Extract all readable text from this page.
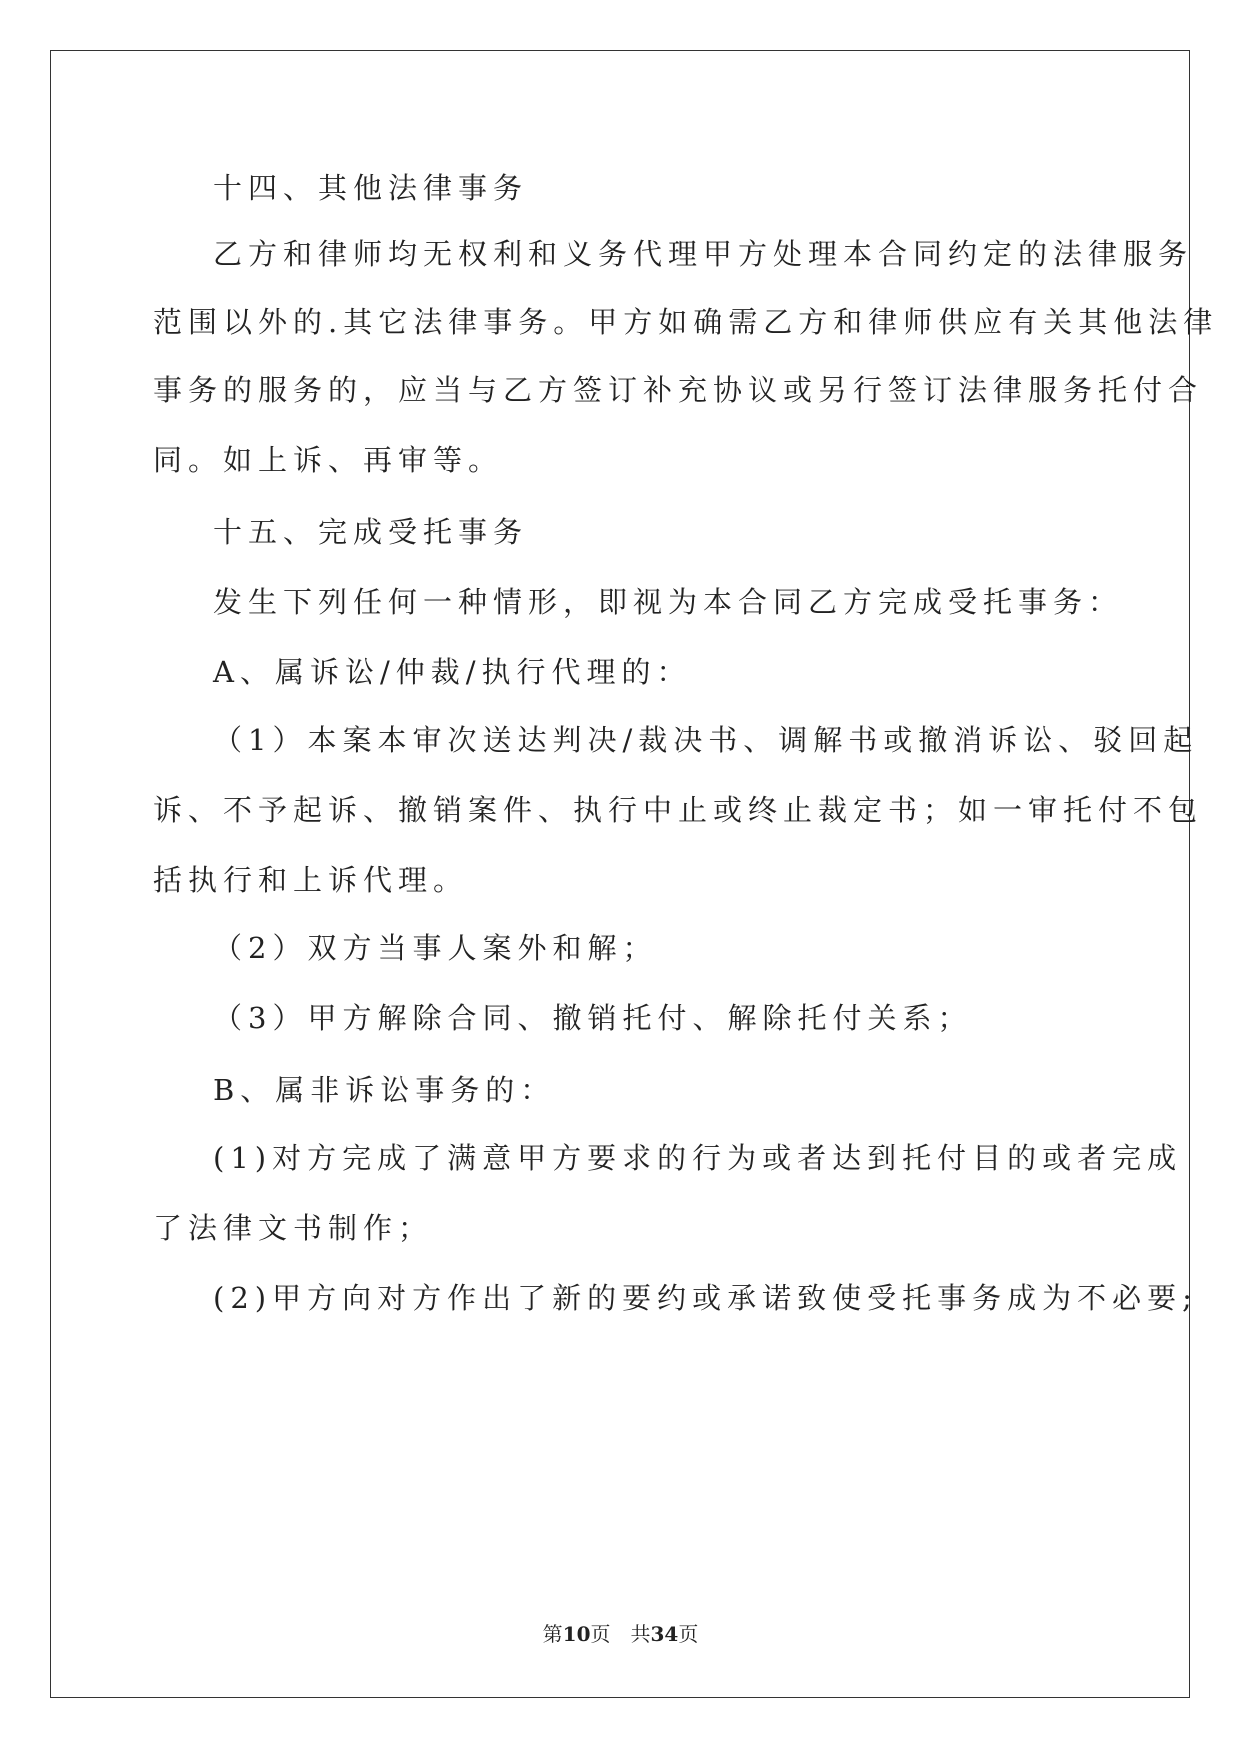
十四、其他法律事务
乙方和律师均无权利和义务代理甲方处理本合同约定的法律服务
范围以外的.其它法律事务。甲方如确需乙方和律师供应有关其他法律
事务的服务的，应当与乙方签订补充协议或另行签订法律服务托付合
同。如上诉、再审等。
十五、完成受托事务
发生下列任何一种情形，即视为本合同乙方完成受托事务：
A、属诉讼/仲裁/执行代理的：
（1）本案本审次送达判决/裁决书、调解书或撤消诉讼、驳回起
诉、不予起诉、撤销案件、执行中止或终止裁定书；如一审托付不包
括执行和上诉代理。
（2）双方当事人案外和解；
（3）甲方解除合同、撤销托付、解除托付关系；
B、属非诉讼事务的：
(1)对方完成了满意甲方要求的行为或者达到托付目的或者完成
了法律文书制作；
(2)甲方向对方作出了新的要约或承诺致使受托事务成为不必要;
第10页　共34页
